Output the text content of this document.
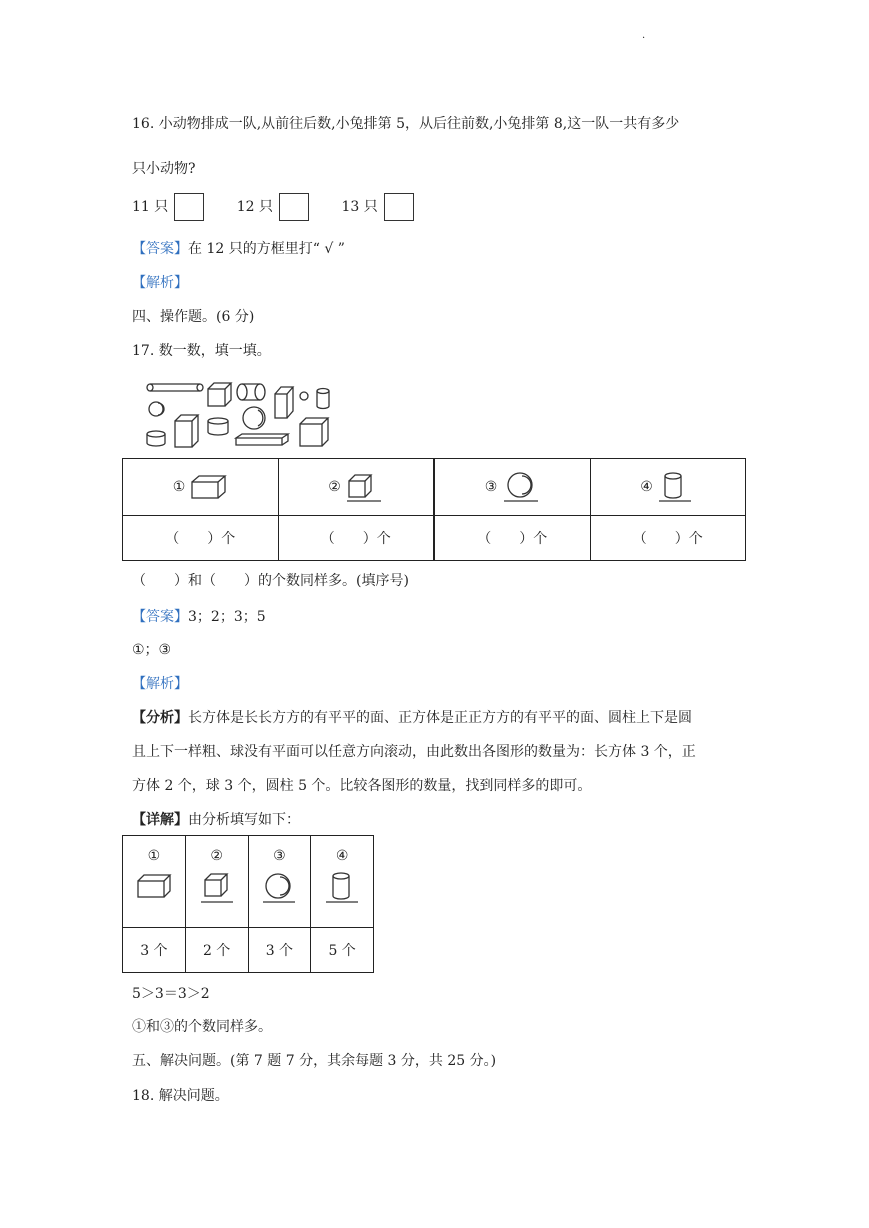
.
16. 小动物排成一队,从前往后数,小兔排第 5，从后往前数,小兔排第 8,这一队一共有多少
只小动物?
11 只	12 只	13 只
【答案】在 12 只的方框里打“ √ ”
【解析】
四、操作题。(6 分)
17. 数一数，填一填。
①	②	③	④
（　　）个	（　　）个	（　　）个	（　　）个
（　　）和（　　）的个数同样多。(填序号)
【答案】3；2；3；5
①；③
【解析】
【分析】长方体是长长方方的有平平的面、正方体是正正方方的有平平的面、圆柱上下是圆
且上下一样粗、球没有平面可以任意方向滚动，由此数出各图形的数量为：长方体 3 个，正
方体 2 个，球 3 个，圆柱 5 个。比较各图形的数量，找到同样多的即可。
【详解】由分析填写如下：
①	②	③	④

3 个	2 个	3 个	5 个
5＞3＝3＞2
①和③的个数同样多。
五、解决问题。(第 7 题 7 分，其余每题 3 分，共 25 分。)
18. 解决问题。
